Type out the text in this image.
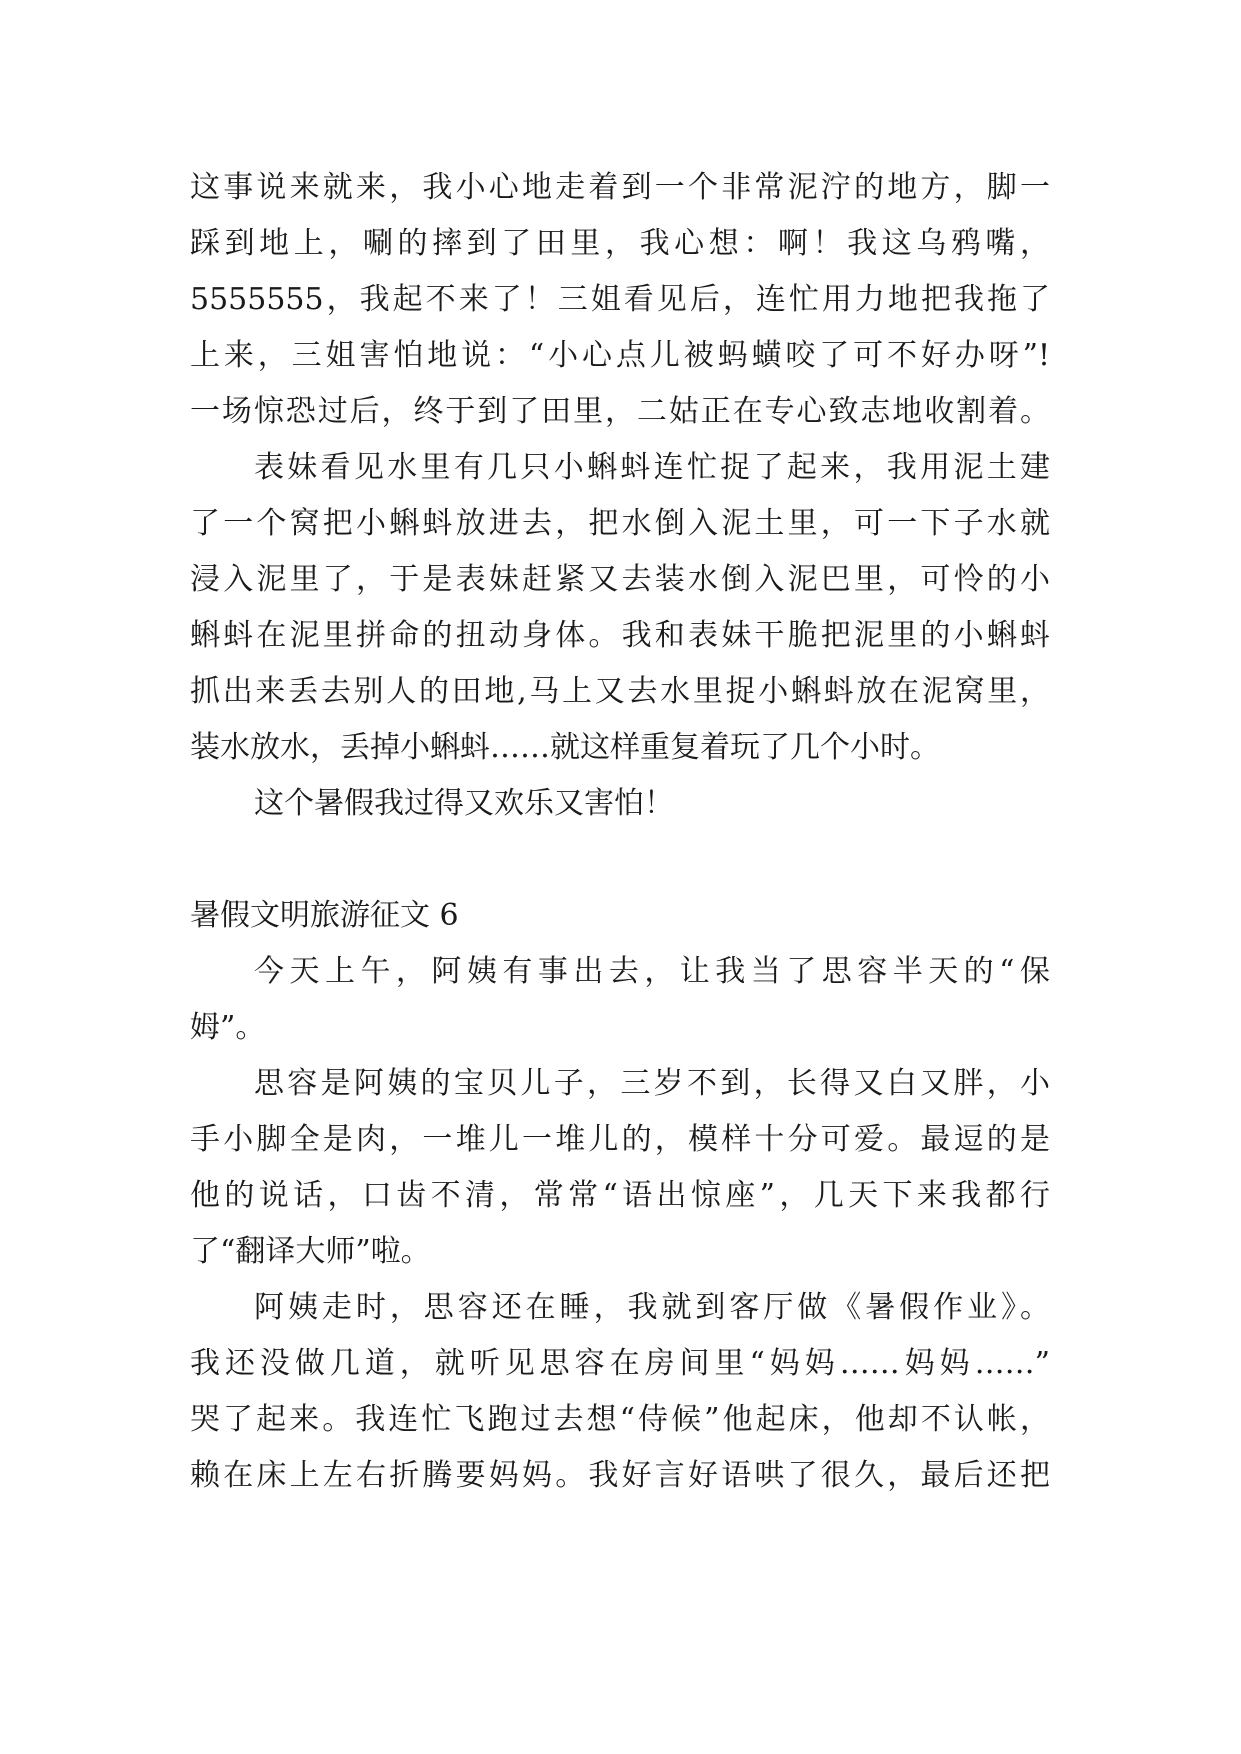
这事说来就来，我小心地走着到一个非常泥泞的地方，脚一
踩到地上，唰的摔到了田里，我心想：啊！我这乌鸦嘴，
5555555，我起不来了！三姐看见后，连忙用力地把我拖了
上来，三姐害怕地说：“小心点儿被蚂蟥咬了可不好办呀”!
一场惊恐过后，终于到了田里，二姑正在专心致志地收割着。
表妹看见水里有几只小蝌蚪连忙捉了起来，我用泥土建
了一个窝把小蝌蚪放进去，把水倒入泥土里，可一下子水就
浸入泥里了，于是表妹赶紧又去装水倒入泥巴里，可怜的小
蝌蚪在泥里拼命的扭动身体。我和表妹干脆把泥里的小蝌蚪
抓出来丢去别人的田地,马上又去水里捉小蝌蚪放在泥窝里，
装水放水，丢掉小蝌蚪……就这样重复着玩了几个小时。
这个暑假我过得又欢乐又害怕！
暑假文明旅游征文 6
今天上午，阿姨有事出去，让我当了思容半天的“保
姆”。
思容是阿姨的宝贝儿子，三岁不到，长得又白又胖，小
手小脚全是肉，一堆儿一堆儿的，模样十分可爱。最逗的是
他的说话，口齿不清，常常“语出惊座”，几天下来我都行
了“翻译大师”啦。
阿姨走时，思容还在睡，我就到客厅做《暑假作业》。
我还没做几道，就听见思容在房间里“妈妈……妈妈……”
哭了起来。我连忙飞跑过去想“侍候”他起床，他却不认帐，
赖在床上左右折腾要妈妈。我好言好语哄了很久，最后还把
